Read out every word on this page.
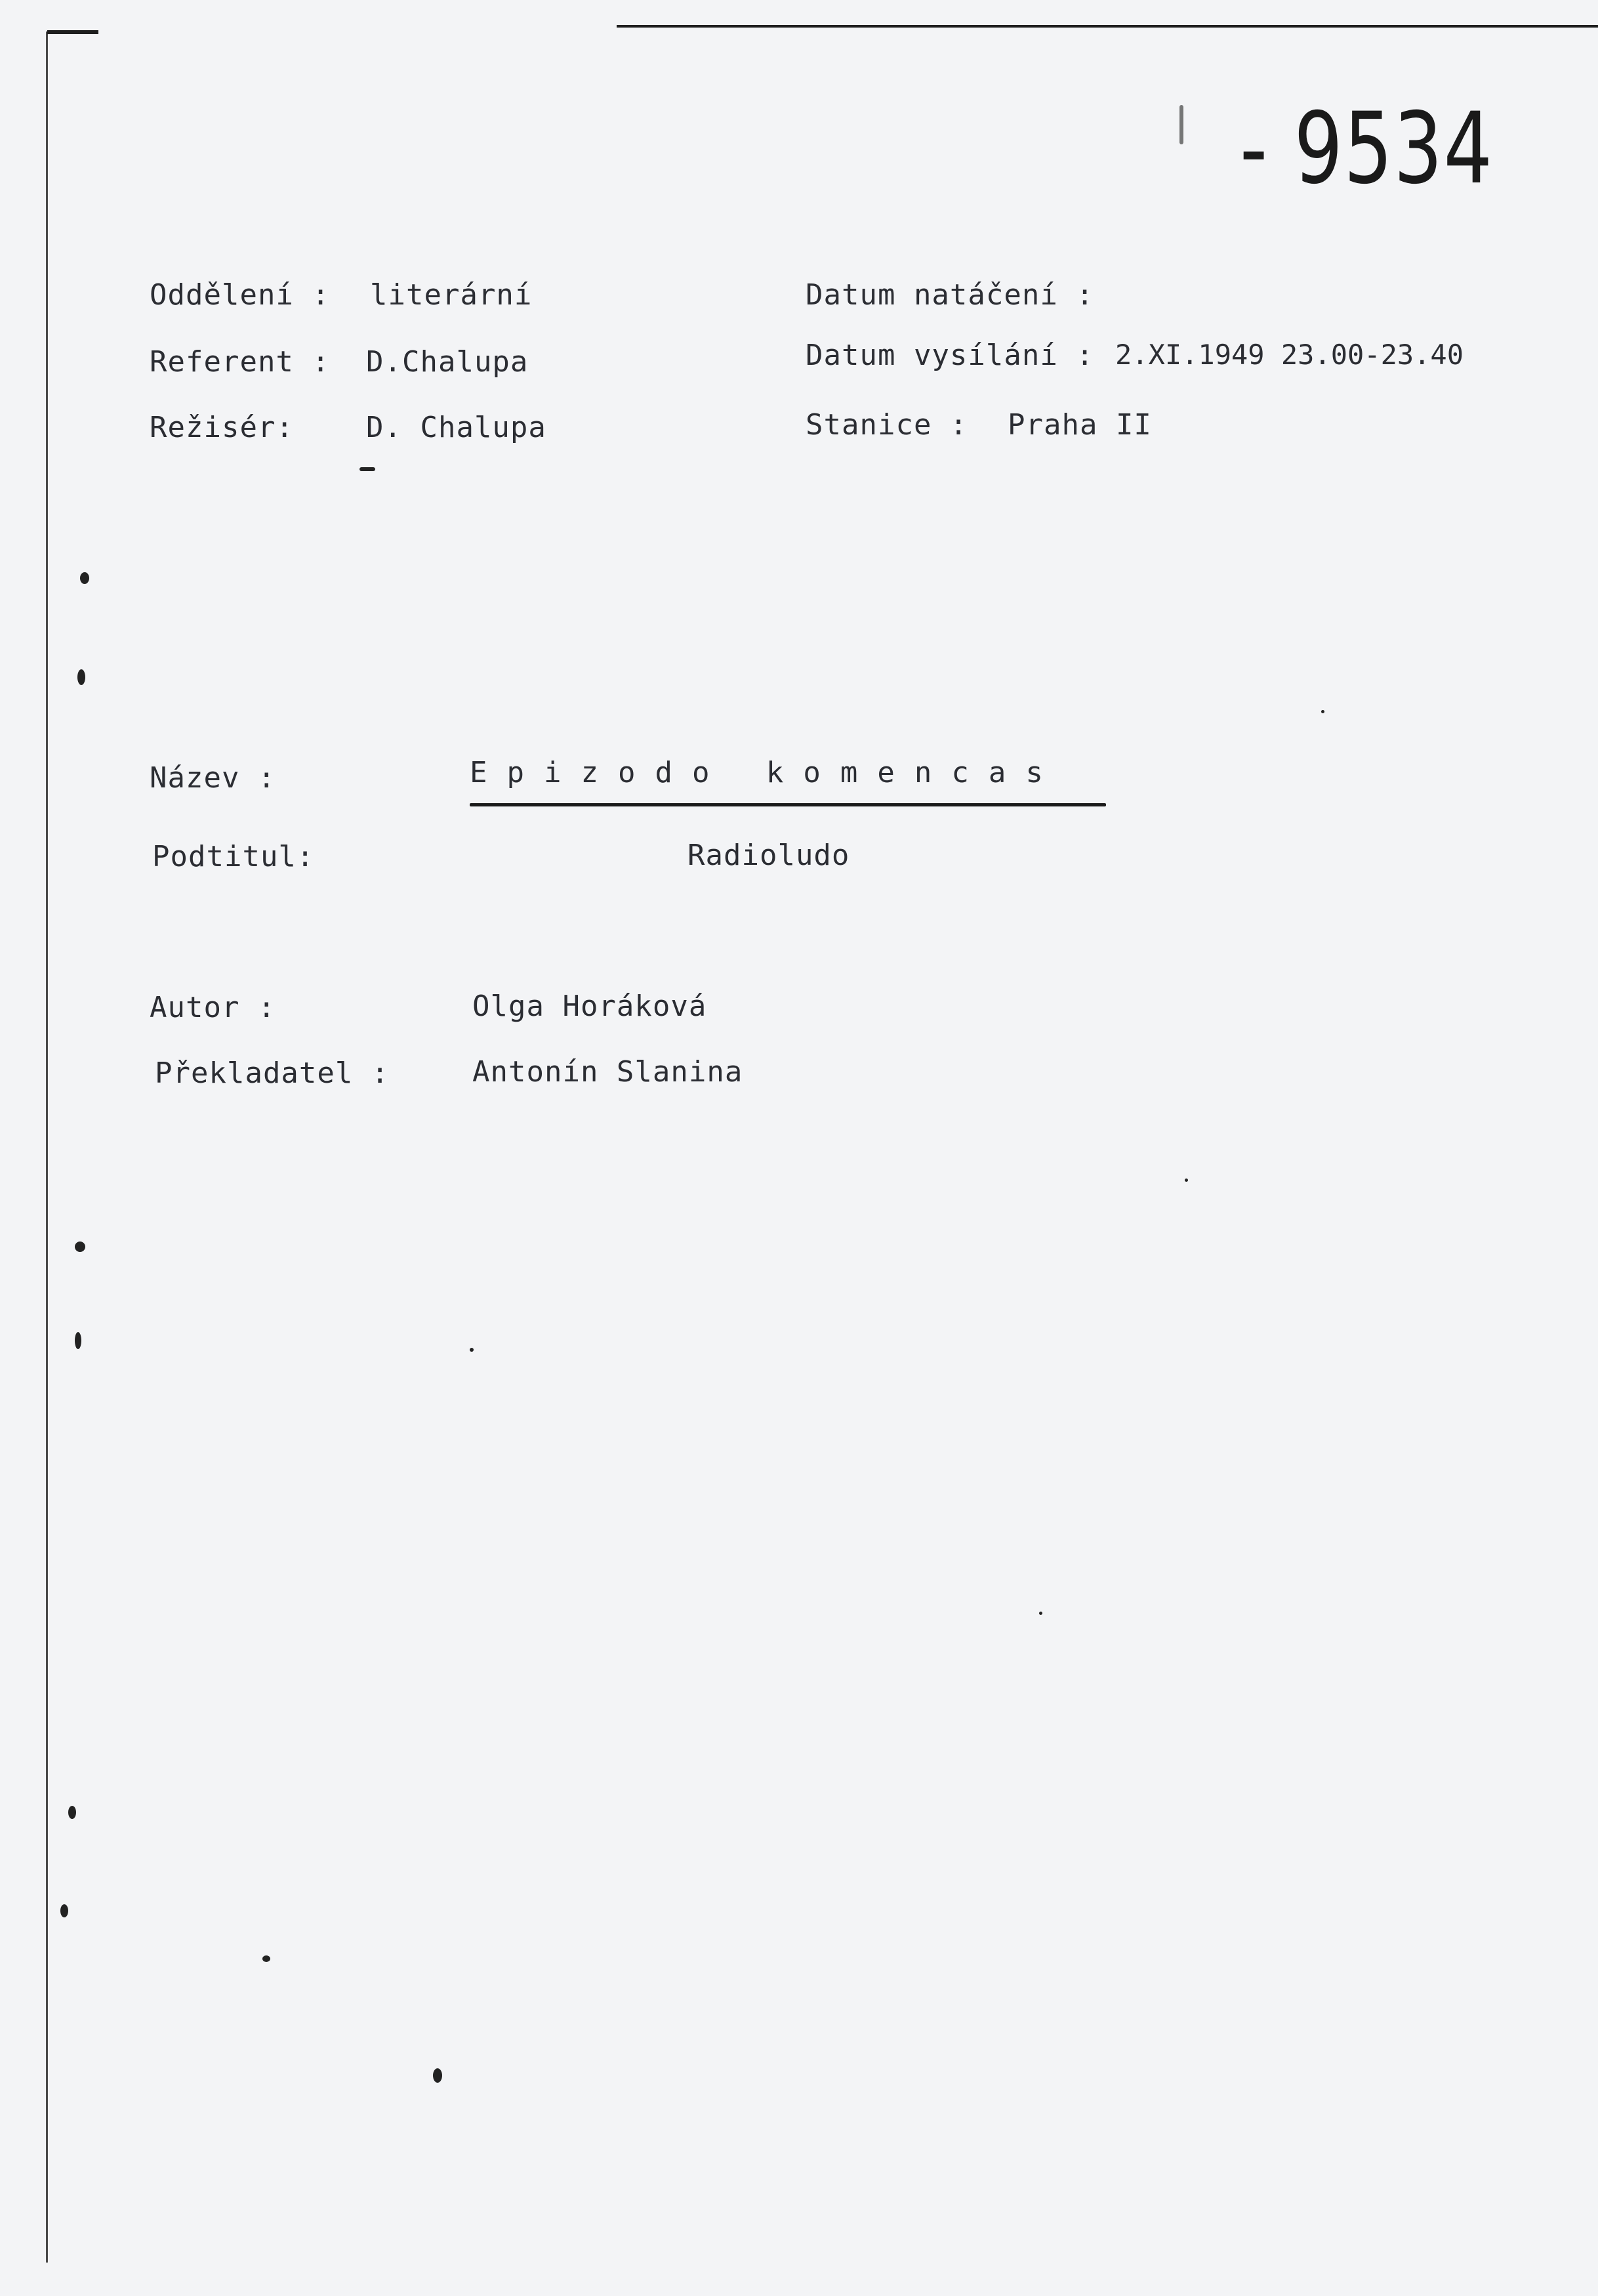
- 9534
Oddělení : literární
Referent : D.Chalupa
Režisér:	D. Chalupa
Datum natáčení :
Datum vysílání : 2.XI.1949 23.00-23.40
Stanice : Praha II
Název :	Epizodo komencas
Podtitul:	Radioludo
Autor :	Olga Horáková
Překladatel :	Antonín Slanina
